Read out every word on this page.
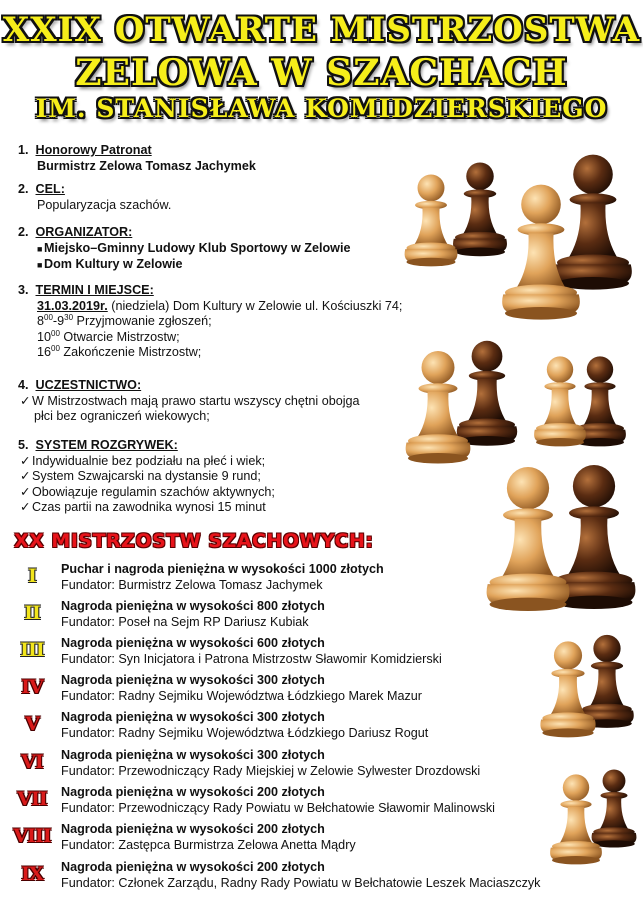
XXIX OTWARTE MISTRZOSTWA
ZELOWA W SZACHACH
IM. STANISŁAWA KOMIDZIERSKIEGO
1. Honorowy Patronat
Burmistrz Zelowa Tomasz Jachymek
2. CEL:
Popularyzacja szachów.
2. ORGANIZATOR:
■ Miejsko–Gminny Ludowy Klub Sportowy w Zelowie
■ Dom Kultury w Zelowie
3. TERMIN I MIEJSCE:
31.03.2019r. (niedziela) Dom Kultury w Zelowie ul. Kościuszki 74;
$8^{00}-9^{30}$ Przyjmowanie zgłoszeń;
$10^{00}$ Otwarcie Mistrzostw;
$16^{00}$ Zakończenie Mistrzostw;
4. UCZESTNICTWO:
✓W Mistrzostwach mają prawo startu wszyscy chętni obojga
płci bez ograniczeń wiekowych;
5. SYSTEM ROZGRYWEK:
✓Indywidualnie bez podziału na płeć i wiek;
✓System Szwajcarski na dystansie 9 rund;
✓Obowiązuje regulamin szachów aktywnych;
✓Czas partii na zawodnika wynosi 15 minut
XX MISTRZOSTW SZACHOWYCH:
I	Puchar i nagroda pieniężna w wysokości 1000 złotych
Fundator: Burmistrz Zelowa Tomasz Jachymek
II	Nagroda pieniężna w wysokości 800 złotych
Fundator: Poseł na Sejm RP Dariusz Kubiak
III	Nagroda pieniężna w wysokości 600 złotych
Fundator: Syn Inicjatora i Patrona Mistrzostw Sławomir Komidzierski
IV	Nagroda pieniężna w wysokości 300 złotych
Fundator: Radny Sejmiku Województwa Łódzkiego Marek Mazur
V	Nagroda pieniężna w wysokości 300 złotych
Fundator: Radny Sejmiku Województwa Łódzkiego Dariusz Rogut
VI	Nagroda pieniężna w wysokości 300 złotych
Fundator: Przewodniczący Rady Miejskiej w Zelowie Sylwester Drozdowski
VII	Nagroda pieniężna w wysokości 200 złotych
Fundator: Przewodniczący Rady Powiatu w Bełchatowie Sławomir Malinowski
VIII Nagroda pieniężna w wysokości 200 złotych
Fundator: Zastępca Burmistrza Zelowa Anetta Mądry
IX	Nagroda pieniężna w wysokości 200 złotych
Fundator: Członek Zarządu, Radny Rady Powiatu w Bełchatowie Leszek Maciaszczyk
